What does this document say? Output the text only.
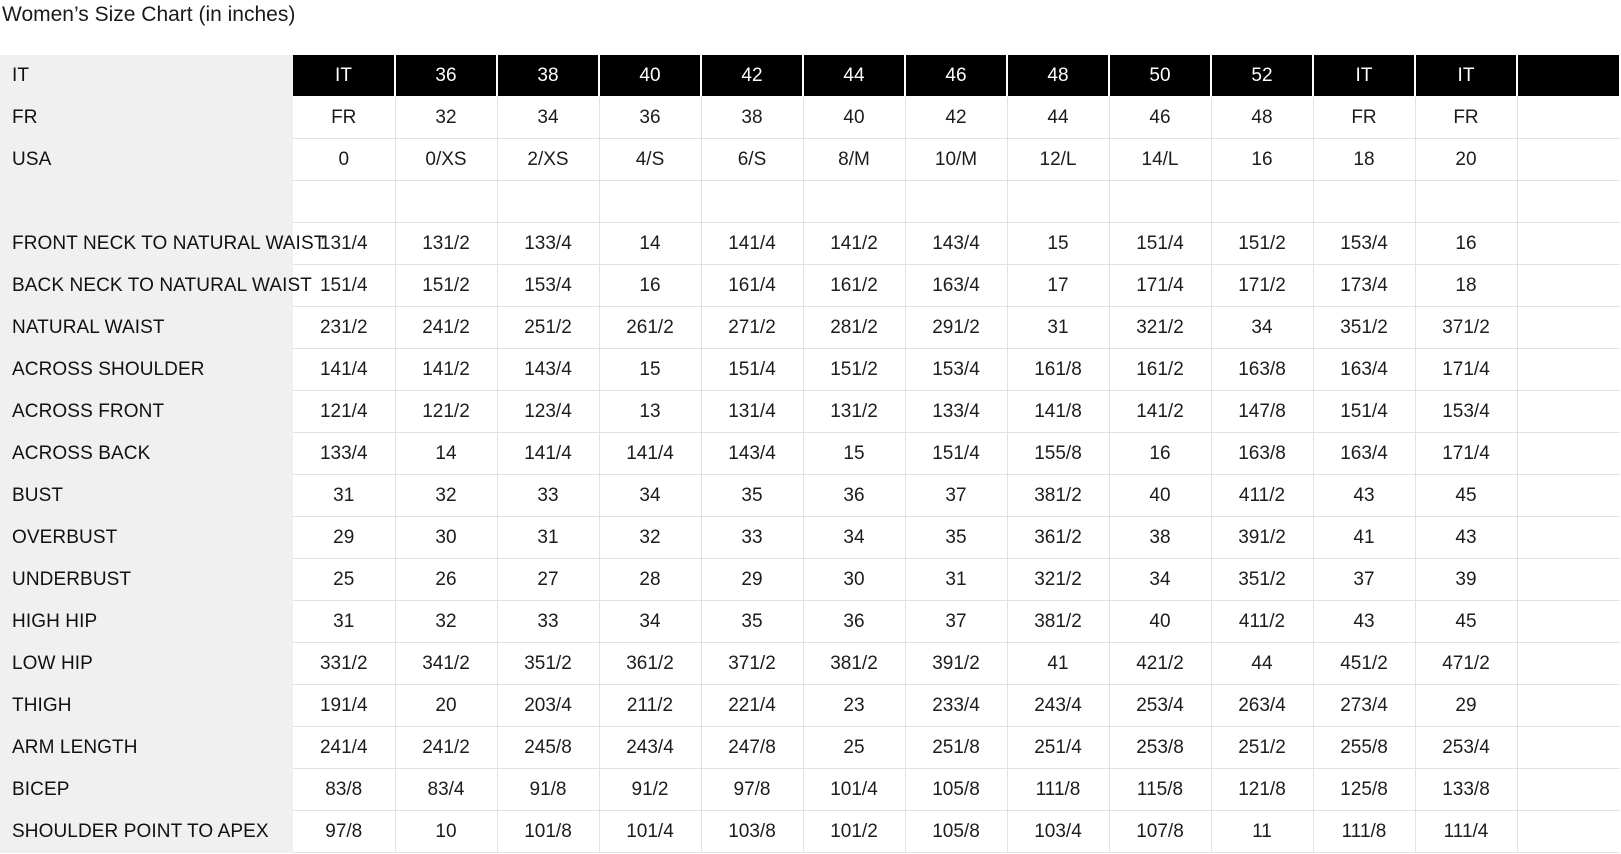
Women’s Size Chart (in inches)
IT	IT	36	38	40	42	44	46	48	50	52	IT	IT	
FR	FR	32	34	36	38	40	42	44	46	48	FR	FR	
USA	0	0/XS	2/XS	4/S	6/S	8/M	10/M	12/L	14/L	16	18	20	

FRONT NECK TO NATURAL WAIST	131/4	131/2	133/4	14	141/4	141/2	143/4	15	151/4	151/2	153/4	16	
BACK NECK TO NATURAL WAIST	151/4	151/2	153/4	16	161/4	161/2	163/4	17	171/4	171/2	173/4	18	
NATURAL WAIST	231/2	241/2	251/2	261/2	271/2	281/2	291/2	31	321/2	34	351/2	371/2	
ACROSS SHOULDER	141/4	141/2	143/4	15	151/4	151/2	153/4	161/8	161/2	163/8	163/4	171/4	
ACROSS FRONT	121/4	121/2	123/4	13	131/4	131/2	133/4	141/8	141/2	147/8	151/4	153/4	
ACROSS BACK	133/4	14	141/4	141/4	143/4	15	151/4	155/8	16	163/8	163/4	171/4	
BUST	31	32	33	34	35	36	37	381/2	40	411/2	43	45	
OVERBUST	29	30	31	32	33	34	35	361/2	38	391/2	41	43	
UNDERBUST	25	26	27	28	29	30	31	321/2	34	351/2	37	39	
HIGH HIP	31	32	33	34	35	36	37	381/2	40	411/2	43	45	
LOW HIP	331/2	341/2	351/2	361/2	371/2	381/2	391/2	41	421/2	44	451/2	471/2	
THIGH	191/4	20	203/4	211/2	221/4	23	233/4	243/4	253/4	263/4	273/4	29	
ARM LENGTH	241/4	241/2	245/8	243/4	247/8	25	251/8	251/4	253/8	251/2	255/8	253/4	
BICEP	83/8	83/4	91/8	91/2	97/8	101/4	105/8	111/8	115/8	121/8	125/8	133/8	
SHOULDER POINT TO APEX	97/8	10	101/8	101/4	103/8	101/2	105/8	103/4	107/8	11	111/8	111/4	
